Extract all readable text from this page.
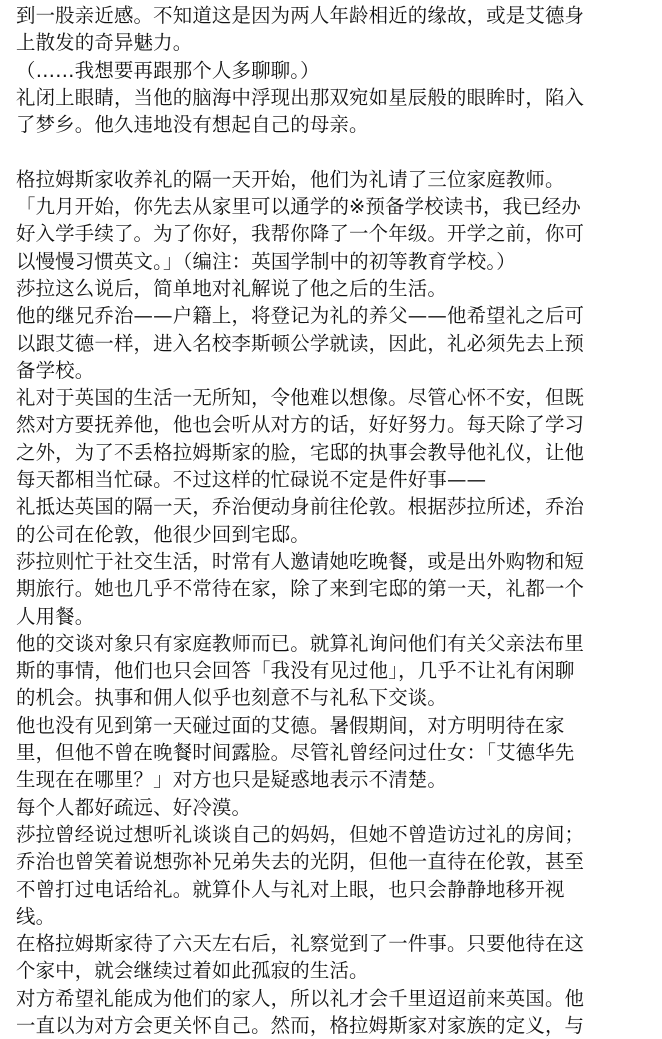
到一股亲近感。不知道这是因为两人年龄相近的缘故，或是艾德身
上散发的奇异魅力。
（……我想要再跟那个人多聊聊。）
礼闭上眼睛，当他的脑海中浮现出那双宛如星辰般的眼眸时，陷入
了梦乡。他久违地没有想起自己的母亲。
格拉姆斯家收养礼的隔一天开始，他们为礼请了三位家庭教师。
「九月开始，你先去从家里可以通学的※预备学校读书，我已经办
好入学手续了。为了你好，我帮你降了一个年级。开学之前，你可
以慢慢习惯英文。」（编注：英国学制中的初等教育学校。）
莎拉这么说后，简单地对礼解说了他之后的生活。
他的继兄乔治——户籍上，将登记为礼的养父——他希望礼之后可
以跟艾德一样，进入名校李斯顿公学就读，因此，礼必须先去上预
备学校。
礼对于英国的生活一无所知，令他难以想像。尽管心怀不安，但既
然对方要抚养他，他也会听从对方的话，好好努力。每天除了学习
之外，为了不丢格拉姆斯家的脸，宅邸的执事会教导他礼仪，让他
每天都相当忙碌。不过这样的忙碌说不定是件好事——
礼抵达英国的隔一天，乔治便动身前往伦敦。根据莎拉所述，乔治
的公司在伦敦，他很少回到宅邸。
莎拉则忙于社交生活，时常有人邀请她吃晚餐，或是出外购物和短
期旅行。她也几乎不常待在家，除了来到宅邸的第一天，礼都一个
人用餐。
他的交谈对象只有家庭教师而已。就算礼询问他们有关父亲法布里
斯的事情，他们也只会回答「我没有见过他」，几乎不让礼有闲聊
的机会。执事和佣人似乎也刻意不与礼私下交谈。
他也没有见到第一天碰过面的艾德。暑假期间，对方明明待在家
里，但他不曾在晚餐时间露脸。尽管礼曾经问过仕女：「艾德华先
生现在在哪里？」对方也只是疑惑地表示不清楚。
每个人都好疏远、好冷漠。
莎拉曾经说过想听礼谈谈自己的妈妈，但她不曾造访过礼的房间；
乔治也曾笑着说想弥补兄弟失去的光阴，但他一直待在伦敦，甚至
不曾打过电话给礼。就算仆人与礼对上眼，也只会静静地移开视
线。
在格拉姆斯家待了六天左右后，礼察觉到了一件事。只要他待在这
个家中，就会继续过着如此孤寂的生活。
对方希望礼能成为他们的家人，所以礼才会千里迢迢前来英国。他
一直以为对方会更关怀自己。然而，格拉姆斯家对家族的定义，与
